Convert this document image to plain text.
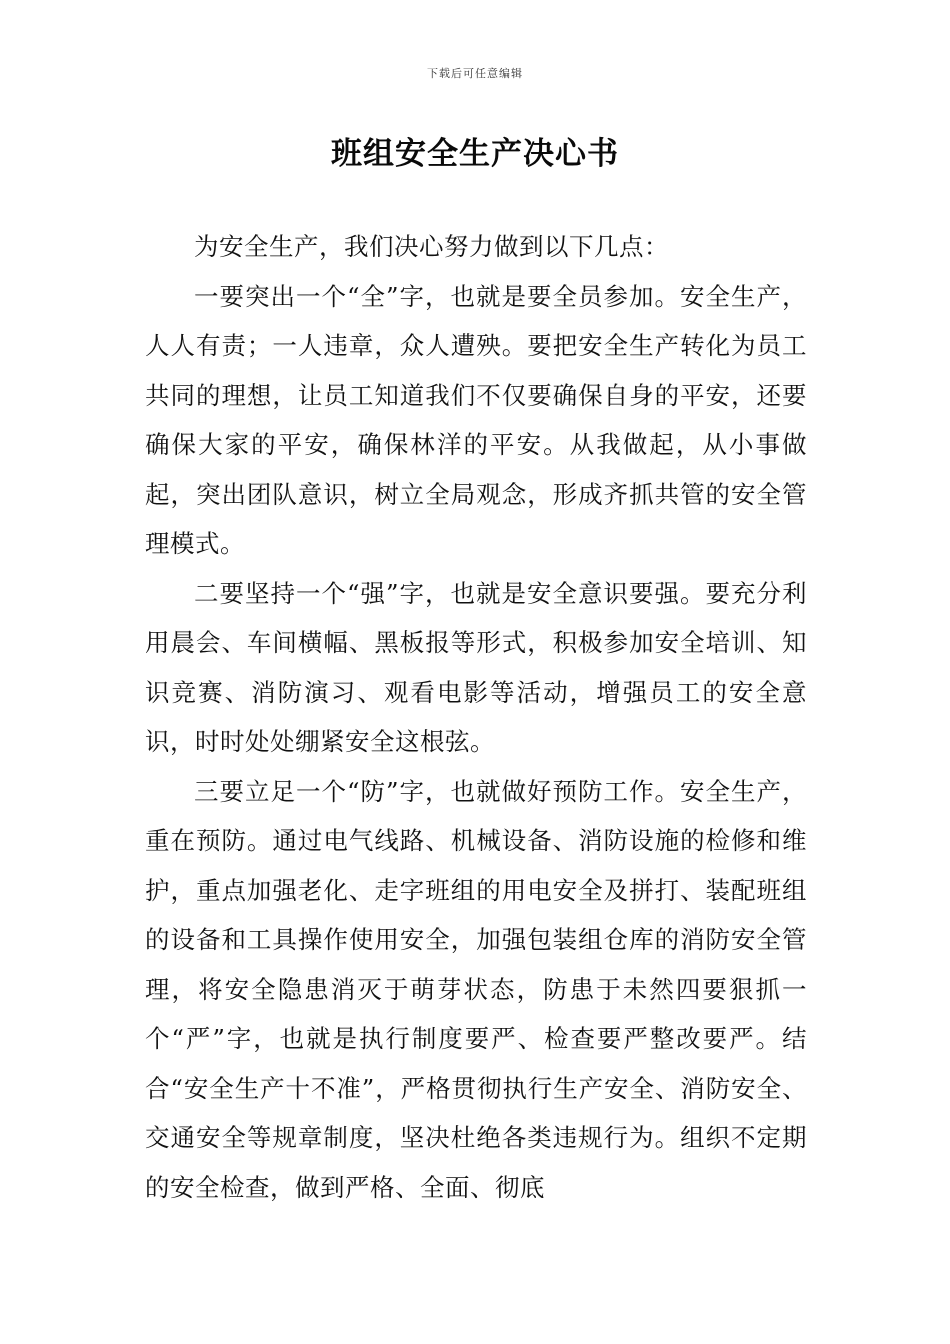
下载后可任意编辑
班组安全生产决心书

为安全生产，我们决心努力做到以下几点：

一要突出一个“全”字，也就是要全员参加。安全生产，人人有责；一人违章，众人遭殃。要把安全生产转化为员工共同的理想，让员工知道我们不仅要确保自身的平安，还要确保大家的平安，确保林洋的平安。从我做起，从小事做起，突出团队意识，树立全局观念，形成齐抓共管的安全管理模式。

二要坚持一个“强”字，也就是安全意识要强。要充分利用晨会、车间横幅、黑板报等形式，积极参加安全培训、知识竞赛、消防演习、观看电影等活动，增强员工的安全意识，时时处处绷紧安全这根弦。

三要立足一个“防”字，也就做好预防工作。安全生产，重在预防。通过电气线路、机械设备、消防设施的检修和维护，重点加强老化、走字班组的用电安全及拼打、装配班组的设备和工具操作使用安全，加强包装组仓库的消防安全管理，将安全隐患消灭于萌芽状态，防患于未然四要狠抓一个“严”字，也就是执行制度要严、检查要严整改要严。结合“安全生产十不准”，严格贯彻执行生产安全、消防安全、交通安全等规章制度，坚决杜绝各类违规行为。组织不定期的安全检查，做到严格、全面、彻底
